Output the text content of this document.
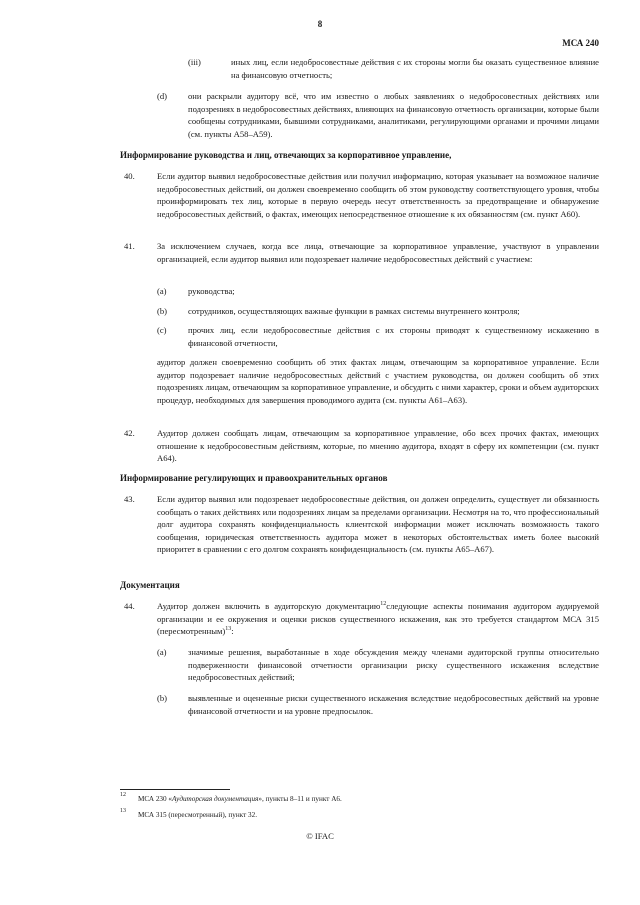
8
МСА 240
(iii)	иных лиц, если недобросовестные действия с их стороны могли бы оказать существенное влияние на финансовую отчетность;
(d) они раскрыли аудитору всё, что им известно о любых заявлениях о недобросовестных действиях или подозрениях в недобросовестных действиях, влияющих на финансовую отчетность организации, которые были сообщены сотрудниками, бывшими сотрудниками, аналитиками, регулирующими органами и прочими лицами (см. пункты А58–А59).
Информирование руководства и лиц, отвечающих за корпоративное управление,
40.	Если аудитор выявил недобросовестные действия или получил информацию, которая указывает на возможное наличие недобросовестных действий, он должен своевременно сообщить об этом руководству соответствующего уровня, чтобы проинформировать тех лиц, которые в первую очередь несут ответственность за предотвращение и обнаружение недобросовестных действий, о фактах, имеющих непосредственное отношение к их обязанностям (см. пункт А60).
41.	За исключением случаев, когда все лица, отвечающие за корпоративное управление, участвуют в управлении организацией, если аудитор выявил или подозревает наличие недобросовестных действий с участием:
(a) руководства;
(b) сотрудников, осуществляющих важные функции в рамках системы внутреннего контроля;
(c) прочих лиц, если недобросовестные действия с их стороны приводят к существенному искажению в финансовой отчетности,
аудитор должен своевременно сообщить об этих фактах лицам, отвечающим за корпоративное управление. Если аудитор подозревает наличие недобросовестных действий с участием руководства, он должен сообщить об этих подозрениях лицам, отвечающим за корпоративное управление, и обсудить с ними характер, сроки и объем аудиторских процедур, необходимых для завершения проводимого аудита (см. пункты А61–А63).
42.	Аудитор должен сообщать лицам, отвечающим за корпоративное управление, обо всех прочих фактах, имеющих отношение к недобросовестным действиям, которые, по мнению аудитора, входят в сферу их компетенции (см. пункт А64).
Информирование регулирующих и правоохранительных органов
43.	Если аудитор выявил или подозревает недобросовестные действия, он должен определить, существует ли обязанность сообщать о таких действиях или подозрениях лицам за пределами организации. Несмотря на то, что профессиональный долг аудитора сохранять конфиденциальность клиентской информации может исключать возможность такого сообщения, юридическая ответственность аудитора может в некоторых обстоятельствах иметь более высокий приоритет в сравнении с его долгом сохранять конфиденциальность (см. пункты А65–А67).
Документация
44.	Аудитор должен включить в аудиторскую документацию$^{12}$следующие аспекты понимания аудитором аудируемой организации и ее окружения и оценки рисков существенного искажения, как это требуется стандартом МСА 315 (пересмотренным)$^{13}$:
(a) значимые решения, выработанные в ходе обсуждения между членами аудиторской группы относительно подверженности финансовой отчетности организации риску существенного искажения вследствие недобросовестных действий;
(b) выявленные и оцененные риски существенного искажения вследствие недобросовестных действий на уровне финансовой отчетности и на уровне предпосылок.
12 МСА 230 «Аудиторская документация», пункты 8–11 и пункт А6.
13 МСА 315 (пересмотренный), пункт 32.
© IFAC
